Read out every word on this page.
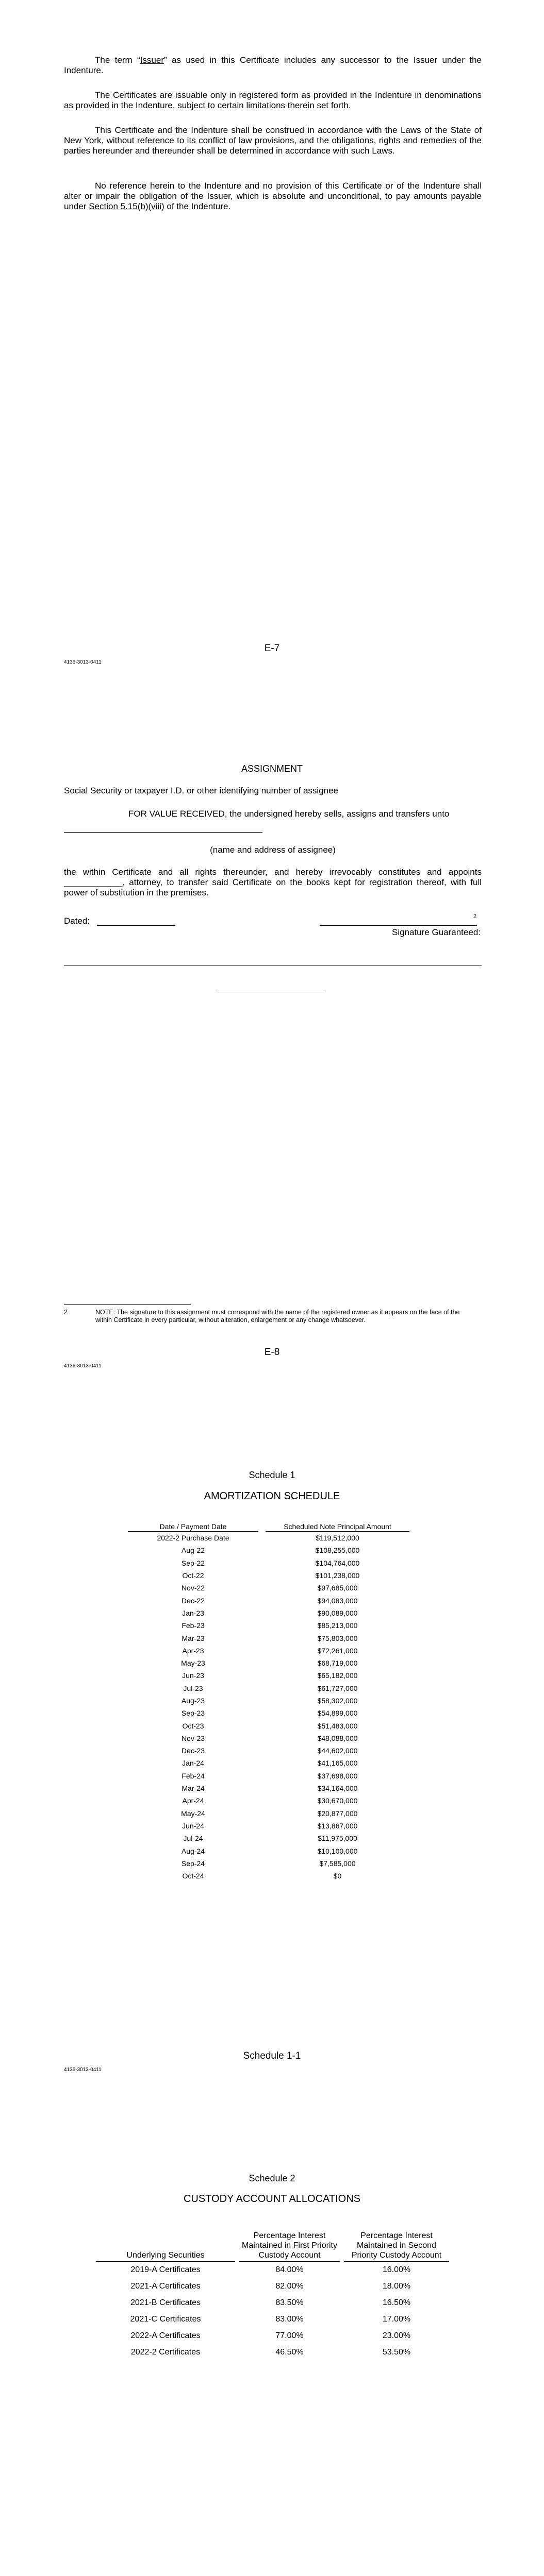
The term “Issuer” as used in this Certificate includes any successor to the Issuer under the Indenture.

The Certificates are issuable only in registered form as provided in the Indenture in denominations as provided in the Indenture, subject to certain limitations therein set forth.

This Certificate and the Indenture shall be construed in accordance with the Laws of the State of New York, without reference to its conflict of law provisions, and the obligations, rights and remedies of the parties hereunder and thereunder shall be determined in accordance with such Laws.

No reference herein to the Indenture and no provision of this Certificate or of the Indenture shall alter or impair the obligation of the Issuer, which is absolute and unconditional, to pay amounts payable under Section 5.15(b)(viii) of the Indenture.

E-7
4136-3013-0411
ASSIGNMENT
Social Security or taxpayer I.D. or other identifying number of assignee
FOR VALUE RECEIVED, the undersigned hereby sells, assigns and transfers unto
(name and address of assignee)

the within Certificate and all rights thereunder, and hereby irrevocably constitutes and appoints ____________, attorney, to transfer said Certificate on the books kept for registration thereof, with full power of substitution in the premises.

Dated:	2
Signature Guaranteed:
2	NOTE: The signature to this assignment must correspond with the name of the registered owner as it appears on the face of the within Certificate in every particular, without alteration, enlargement or any change whatsoever.
E-8
4136-3013-0411
Schedule 1
AMORTIZATION SCHEDULE
Date / Payment Date		Scheduled Note Principal Amount
2022-2 Purchase Date		$119,512,000
Aug-22		$108,255,000
Sep-22		$104,764,000
Oct-22		$101,238,000
Nov-22		$97,685,000
Dec-22		$94,083,000
Jan-23		$90,089,000
Feb-23		$85,213,000
Mar-23		$75,803,000
Apr-23		$72,261,000
May-23		$68,719,000
Jun-23		$65,182,000
Jul-23		$61,727,000
Aug-23		$58,302,000
Sep-23		$54,899,000
Oct-23		$51,483,000
Nov-23		$48,088,000
Dec-23		$44,602,000
Jan-24		$41,165,000
Feb-24		$37,698,000
Mar-24		$34,164,000
Apr-24		$30,670,000
May-24		$20,877,000
Jun-24		$13,867,000
Jul-24		$11,975,000
Aug-24		$10,100,000
Sep-24		$7,585,000
Oct-24		$0
Schedule 1-1
4136-3013-0411
Schedule 2
CUSTODY ACCOUNT ALLOCATIONS
Underlying Securities		Percentage Interest Maintained in First Priority Custody Account		Percentage Interest Maintained in Second Priority Custody Account
2019-A Certificates		84.00%		16.00%
2021-A Certificates		82.00%		18.00%
2021-B Certificates		83.50%		16.50%
2021-C Certificates		83.00%		17.00%
2022-A Certificates		77.00%		23.00%
2022-2 Certificates		46.50%		53.50%
